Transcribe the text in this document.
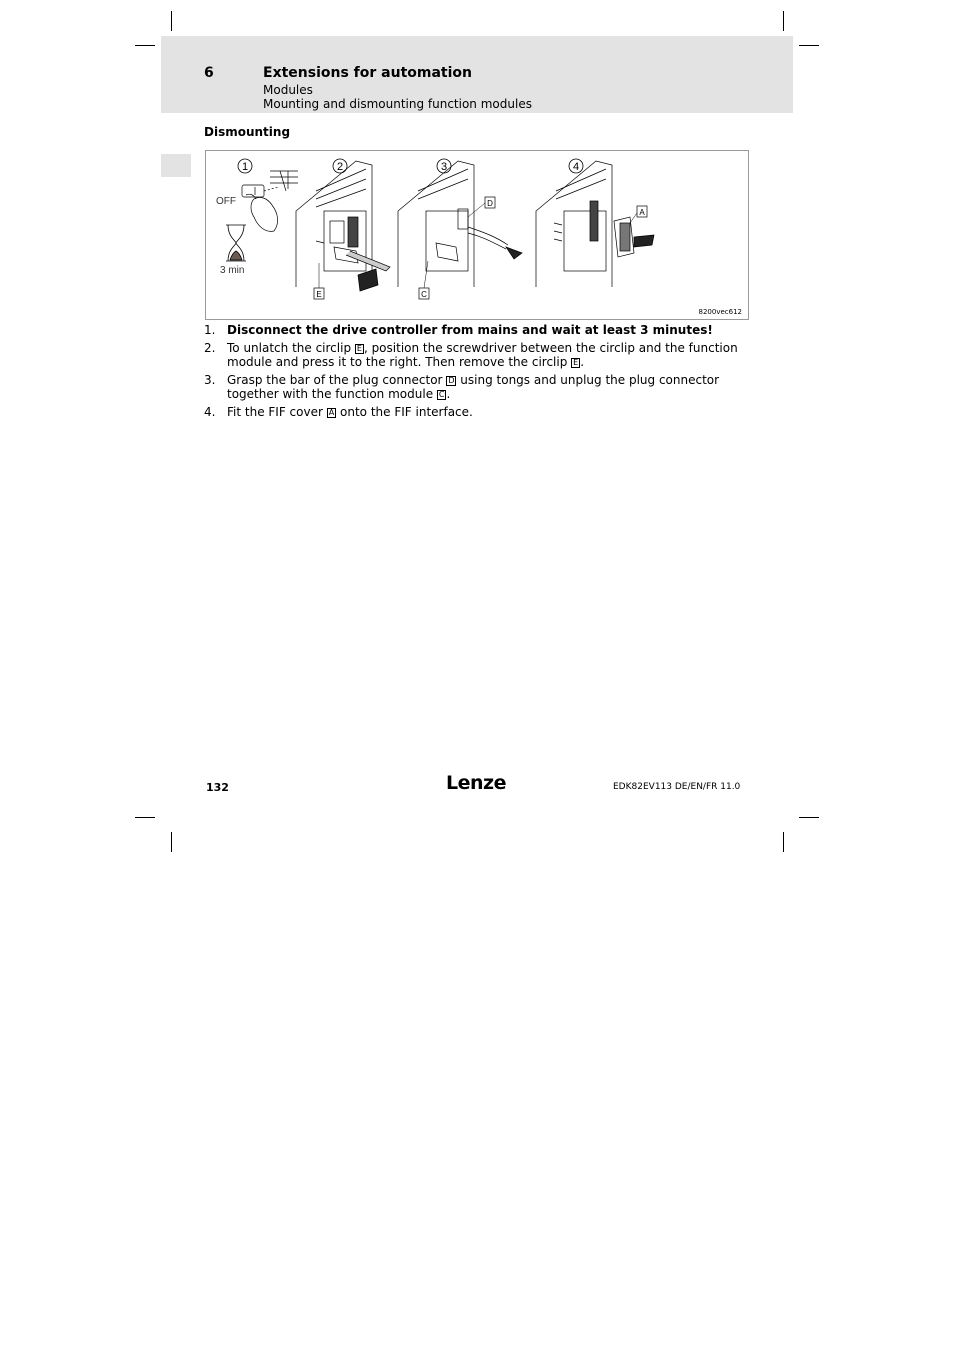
6	Extensions for automation
Modules
Mounting and dismounting function modules
Dismounting
1	2	3	4
OFF
3 min
E	C
D
A
8200vec612
1. Disconnect the drive controller from mains and wait at least 3 minutes!
2. To unlatch the circlip E , position the screwdriver between the circlip and the function module and press it to the right. Then remove the circlip E .
3. Grasp the bar of the plug connector D using tongs and unplug the plug connector together with the function module C .
4. Fit the FIF cover A onto the FIF interface.
132	Lenze	EDK82EV113 DE/EN/FR 11.0
